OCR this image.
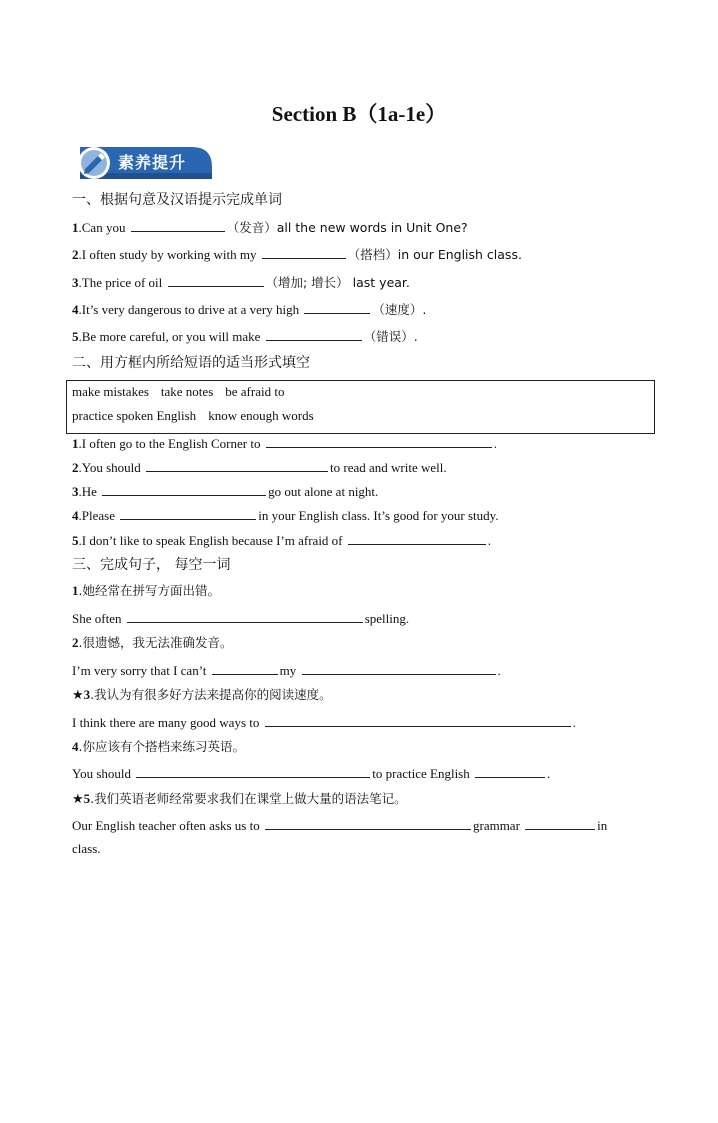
Section B（1a-1e）
素养提升
一、根据句意及汉语提示完成单词
1.Can you	（发音）all the new words in Unit One?
2.I often study by working with my	（搭档）in our English class.
3.The price of oil	（增加; 增长） last year.
4.It’s very dangerous to drive at a very high	（速度）.
5.Be more careful, or you will make	（错误）.
二、用方框内所给短语的适当形式填空
make mistakes take notes be afraid to
practice spoken English know enough words
1.I often go to the English Corner to	.
2.You should	to read and write well.
3.He	go out alone at night.
4.Please	in your English class. It’s good for your study.
5.I don’t like to speak English because I’m afraid of	.
三、完成句子， 每空一词
1.她经常在拼写方面出错。
She often	spelling.
2.很遗憾，我无法准确发音。
I’m very sorry that I can’t	my	.
★3.我认为有很多好方法来提高你的阅读速度。
I think there are many good ways to	.
4.你应该有个搭档来练习英语。
You should	to practice English	.
★5.我们英语老师经常要求我们在课堂上做大量的语法笔记。
Our English teacher often asks us to	grammar	in
class.
